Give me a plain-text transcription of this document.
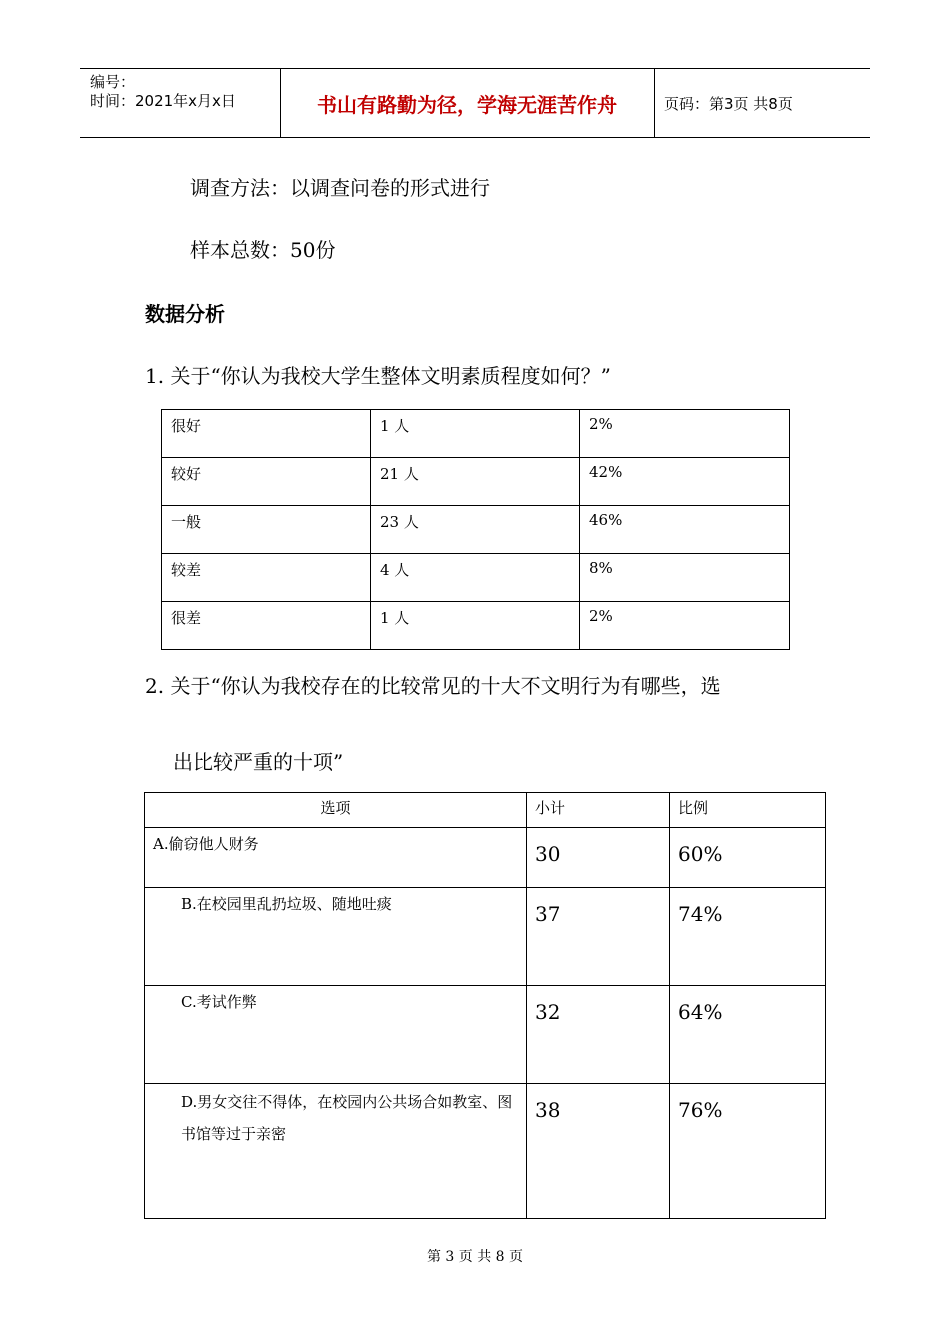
编号：
时间：2021年x月x日	书山有路勤为径，学海无涯苦作舟	页码：第3页 共8页
调查方法：以调查问卷的形式进行
样本总数：50份
数据分析
1. 关于“你认为我校大学生整体文明素质程度如何？”
很好	1 人	2%
较好	21 人	42%
一般	23 人	46%
较差	4 人	8%
很差	1 人	2%
2. 关于“你认为我校存在的比较常见的十大不文明行为有哪些，选
出比较严重的十项”
选项	小计	比例
A.偷窃他人财务	30	60%
B.在校园里乱扔垃圾、随地吐痰	37	74%
C.考试作弊	32	64%
D.男女交往不得体，在校园内公共场合如教室、图书馆等过于亲密	38	76%
第 3 页 共 8 页
